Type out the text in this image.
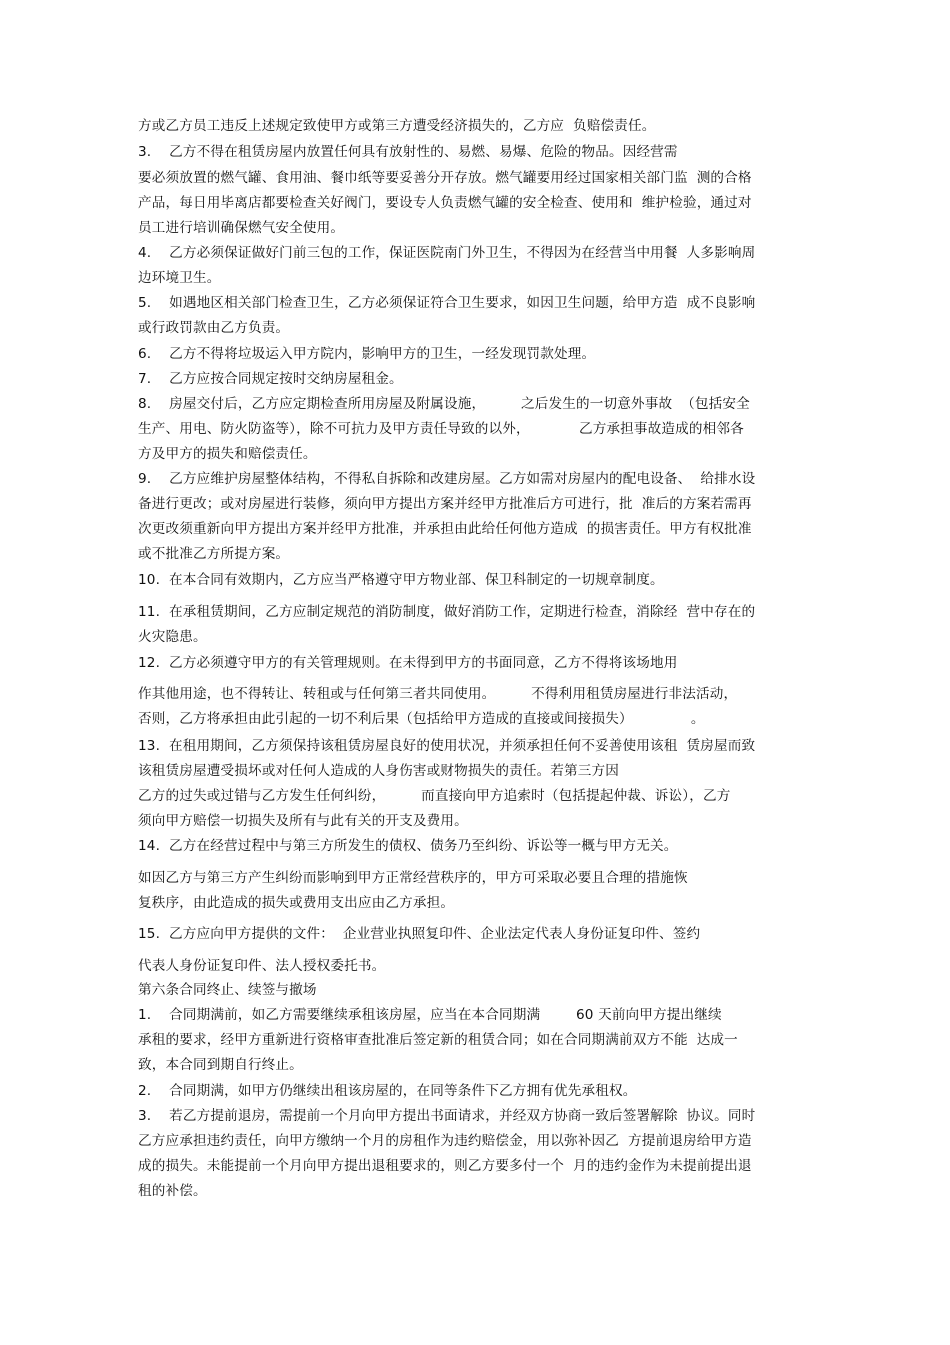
方或乙方员工违反上述规定致使甲方或第三方遭受经济损失的，乙方应  负赔偿责任。
3.    乙方不得在租赁房屋内放置任何具有放射性的、易燃、易爆、危险的物品。因经营需
要必须放置的燃气罐、食用油、餐巾纸等要妥善分开存放。燃气罐要用经过国家相关部门监  测的合格
产品，每日用毕离店都要检查关好阀门，要设专人负责燃气罐的安全检查、使用和  维护检验，通过对
员工进行培训确保燃气安全使用。
4.    乙方必须保证做好门前三包的工作，保证医院南门外卫生，不得因为在经营当中用餐  人多影响周
边环境卫生。
5.    如遇地区相关部门检查卫生，乙方必须保证符合卫生要求，如因卫生问题，给甲方造  成不良影响
或行政罚款由乙方负责。
6.    乙方不得将垃圾运入甲方院内，影响甲方的卫生，一经发现罚款处理。
7.    乙方应按合同规定按时交纳房屋租金。
8.    房屋交付后，乙方应定期检查所用房屋及附属设施，        之后发生的一切意外事故  （包括安全
生产、用电、防火防盗等），除不可抗力及甲方责任导致的以外，           乙方承担事故造成的相邻各
方及甲方的损失和赔偿责任。
9.    乙方应维护房屋整体结构，不得私自拆除和改建房屋。乙方如需对房屋内的配电设备、  给排水设
备进行更改；或对房屋进行装修，须向甲方提出方案并经甲方批准后方可进行，批  准后的方案若需再
次更改须重新向甲方提出方案并经甲方批准，并承担由此给任何他方造成  的损害责任。甲方有权批准
或不批准乙方所提方案。
10.  在本合同有效期内，乙方应当严格遵守甲方物业部、保卫科制定的一切规章制度。
11.  在承租赁期间，乙方应制定规范的消防制度，做好消防工作，定期进行检查，消除经  营中存在的
火灾隐患。
12.  乙方必须遵守甲方的有关管理规则。在未得到甲方的书面同意，乙方不得将该场地用
作其他用途，也不得转让、转租或与任何第三者共同使用。        不得利用租赁房屋进行非法活动，
否则，乙方将承担由此引起的一切不利后果（包括给甲方造成的直接或间接损失）             。
13.  在租用期间，乙方须保持该租赁房屋良好的使用状况，并须承担任何不妥善使用该租  赁房屋而致
该租赁房屋遭受损坏或对任何人造成的人身伤害或财物损失的责任。若第三方因
乙方的过失或过错与乙方发生任何纠纷，        而直接向甲方追索时（包括提起仲裁、诉讼），乙方
须向甲方赔偿一切损失及所有与此有关的开支及费用。
14.  乙方在经营过程中与第三方所发生的债权、债务乃至纠纷、诉讼等一概与甲方无关。
如因乙方与第三方产生纠纷而影响到甲方正常经营秩序的，甲方可采取必要且合理的措施恢
复秩序，由此造成的损失或费用支出应由乙方承担。
15.  乙方应向甲方提供的文件：  企业营业执照复印件、企业法定代表人身份证复印件、签约
代表人身份证复印件、法人授权委托书。
第六条合同终止、续签与撤场
1.    合同期满前，如乙方需要继续承租该房屋，应当在本合同期满        60 天前向甲方提出继续
承租的要求，经甲方重新进行资格审查批准后签定新的租赁合同；如在合同期满前双方不能  达成一
致，本合同到期自行终止。
2.    合同期满，如甲方仍继续出租该房屋的，在同等条件下乙方拥有优先承租权。
3.    若乙方提前退房，需提前一个月向甲方提出书面请求，并经双方协商一致后签署解除  协议。同时
乙方应承担违约责任，向甲方缴纳一个月的房租作为违约赔偿金，用以弥补因乙  方提前退房给甲方造
成的损失。未能提前一个月向甲方提出退租要求的，则乙方要多付一个  月的违约金作为未提前提出退
租的补偿。
